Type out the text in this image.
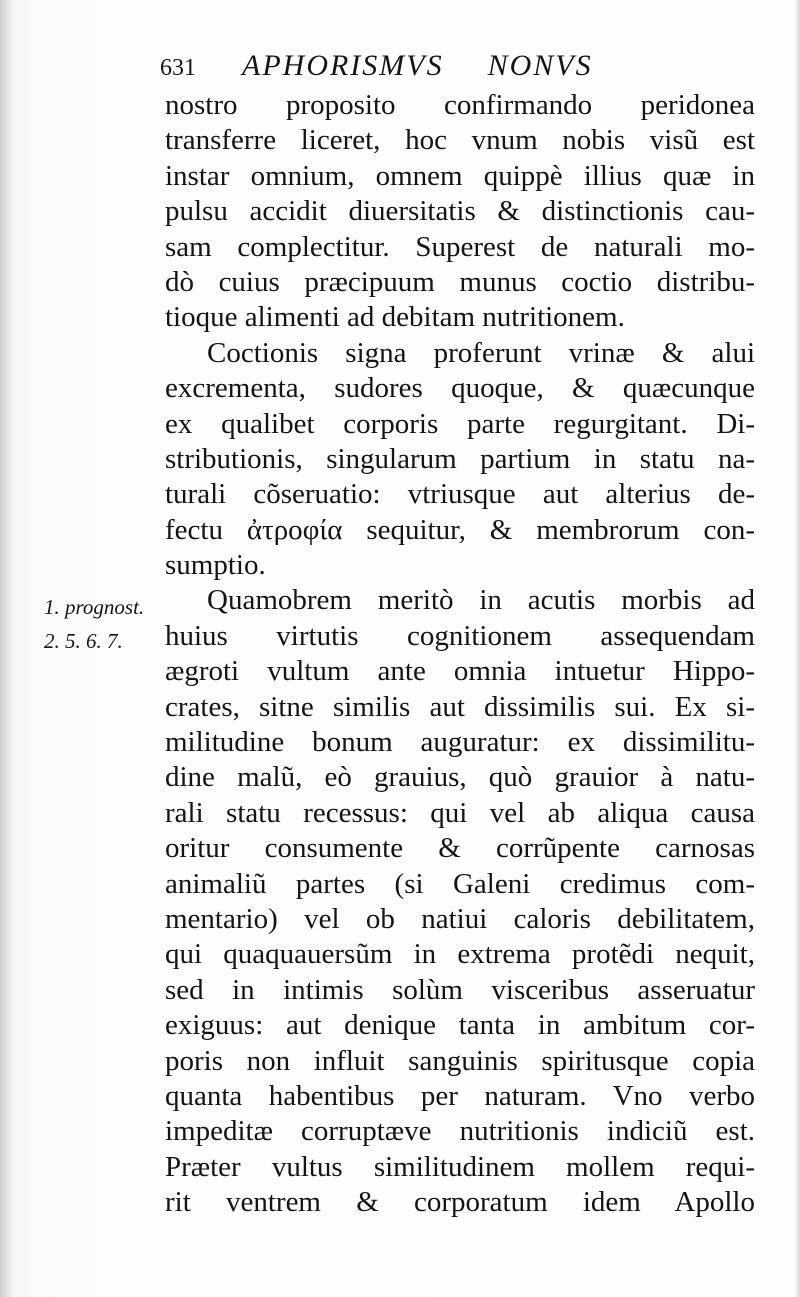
631 APHORISMVS NONVS
1. prognost.
2. 5. 6. 7.
nostro proposito confirmando peridonea
transferre liceret, hoc vnum nobis visũ est
instar omnium, omnem quippè illius quæ in
pulsu accidit diuersitatis & distinctionis cau-
sam complectitur. Superest de naturali mo-
dò cuius præcipuum munus coctio distribu-
tioque alimenti ad debitam nutritionem.
Coctionis signa proferunt vrinæ & alui
excrementa, sudores quoque, & quæcunque
ex qualibet corporis parte regurgitant. Di-
stributionis, singularum partium in statu na-
turali cõseruatio: vtriusque aut alterius de-
fectu ἀτροφία sequitur, & membrorum con-
sumptio.
Quamobrem meritò in acutis morbis ad
huius virtutis cognitionem assequendam
ægroti vultum ante omnia intuetur Hippo-
crates, sitne similis aut dissimilis sui. Ex si-
militudine bonum auguratur: ex dissimilitu-
dine malũ, eò grauius, quò grauior à natu-
rali statu recessus: qui vel ab aliqua causa
oritur consumente & corrũpente carnosas
animaliũ partes (si Galeni credimus com-
mentario) vel ob natiui caloris debilitatem,
qui quaquauersũm in extrema protẽdi nequit,
sed in intimis solùm visceribus asseruatur
exiguus: aut denique tanta in ambitum cor-
poris non influit sanguinis spiritusque copia
quanta habentibus per naturam. Vno verbo
impeditæ corruptæve nutritionis indiciũ est.
Præter vultus similitudinem mollem requi-
rit ventrem & corporatum idem Apollo
